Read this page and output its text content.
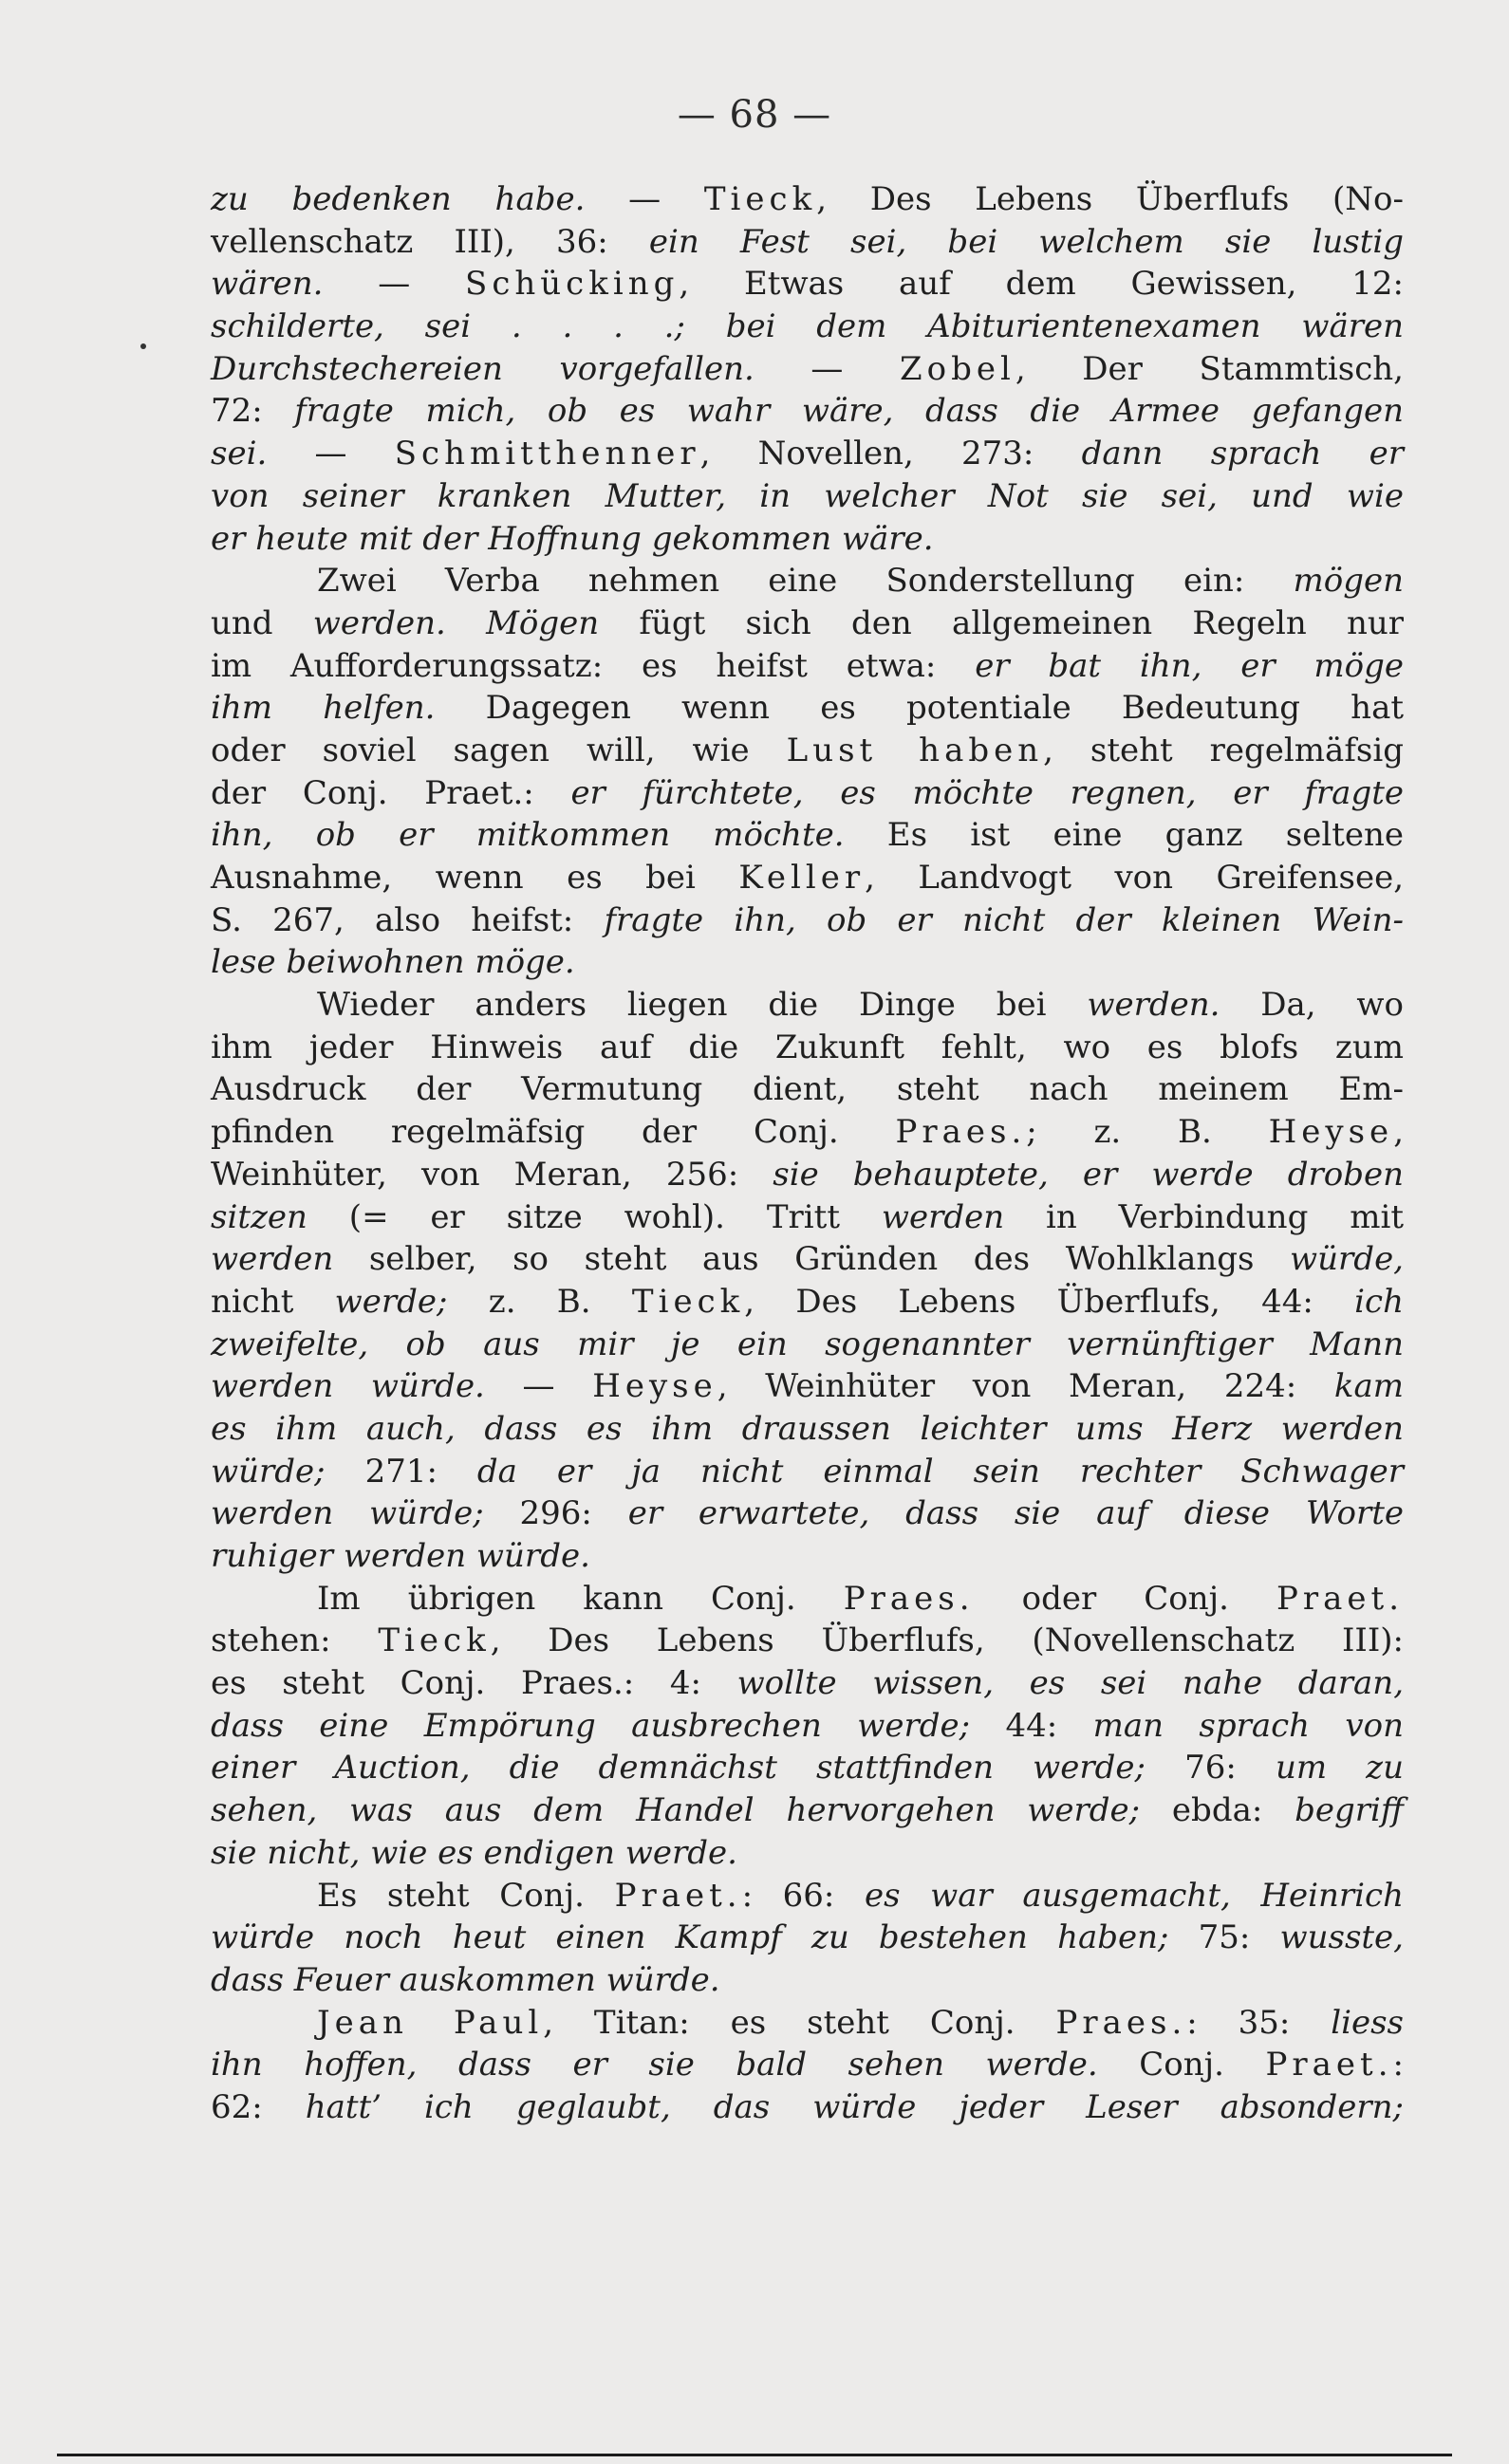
— 68 —
zu bedenken habe. — Tieck, Des Lebens Überflufs (No-
vellenschatz III), 36: ein Fest sei, bei welchem sie lustig
wären. — Schücking, Etwas auf dem Gewissen, 12:
schilderte, sei . . . .; bei dem Abiturientenexamen wären
Durchstechereien vorgefallen. — Zobel, Der Stammtisch,
72: fragte mich, ob es wahr wäre, dass die Armee gefangen
sei. — Schmitthenner, Novellen, 273: dann sprach er
von seiner kranken Mutter, in welcher Not sie sei, und wie
er heute mit der Hoffnung gekommen wäre.
Zwei Verba nehmen eine Sonderstellung ein: mögen
und werden. Mögen fügt sich den allgemeinen Regeln nur
im Aufforderungssatz: es heifst etwa: er bat ihn, er möge
ihm helfen. Dagegen wenn es potentiale Bedeutung hat
oder soviel sagen will, wie Lust haben, steht regelmäfsig
der Conj. Praet.: er fürchtete, es möchte regnen, er fragte
ihn, ob er mitkommen möchte. Es ist eine ganz seltene
Ausnahme, wenn es bei Keller, Landvogt von Greifensee,
S. 267, also heifst: fragte ihn, ob er nicht der kleinen Wein-
lese beiwohnen möge.
Wieder anders liegen die Dinge bei werden. Da, wo
ihm jeder Hinweis auf die Zukunft fehlt, wo es blofs zum
Ausdruck der Vermutung dient, steht nach meinem Em-
pfinden regelmäfsig der Conj. Praes.; z. B. Heyse,
Weinhüter, von Meran, 256: sie behauptete, er werde droben
sitzen (= er sitze wohl). Tritt werden in Verbindung mit
werden selber, so steht aus Gründen des Wohlklangs würde,
nicht werde; z. B. Tieck, Des Lebens Überflufs, 44: ich
zweifelte, ob aus mir je ein sogenannter vernünftiger Mann
werden würde. — Heyse, Weinhüter von Meran, 224: kam
es ihm auch, dass es ihm draussen leichter ums Herz werden
würde; 271: da er ja nicht einmal sein rechter Schwager
werden würde; 296: er erwartete, dass sie auf diese Worte
ruhiger werden würde.
Im übrigen kann Conj. Praes. oder Conj. Praet.
stehen: Tieck, Des Lebens Überflufs, (Novellenschatz III):
es steht Conj. Praes.: 4: wollte wissen, es sei nahe daran,
dass eine Empörung ausbrechen werde; 44: man sprach von
einer Auction, die demnächst stattfinden werde; 76: um zu
sehen, was aus dem Handel hervorgehen werde; ebda: begriff
sie nicht, wie es endigen werde.
Es steht Conj. Praet.: 66: es war ausgemacht, Heinrich
würde noch heut einen Kampf zu bestehen haben; 75: wusste,
dass Feuer auskommen würde.
Jean Paul, Titan: es steht Conj. Praes.: 35: liess
ihn hoffen, dass er sie bald sehen werde. Conj. Praet.:
62: hatt’ ich geglaubt, das würde jeder Leser absondern;
